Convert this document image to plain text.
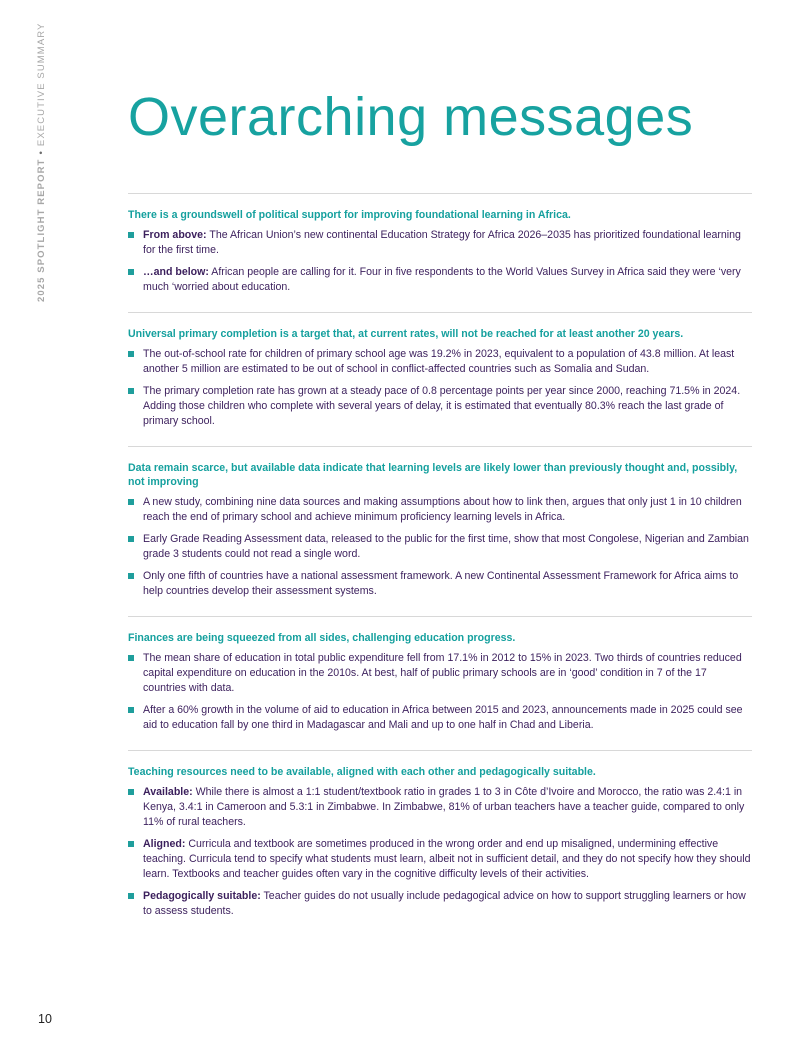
2025 SPOTLIGHT REPORT•EXECUTIVE SUMMARY Overarching messages

There is a groundswell of political support for improving foundational learning in Africa.

From above: The African Union’s new continental Education Strategy for Africa 2026–2035 has prioritized foundational learning for the first time.
…and below: African people are calling for it. Four in five respondents to the World Values Survey in Africa said they were ‘very much ‘worried about education.

Universal primary completion is a target that, at current rates, will not be reached for at least another 20 years.

The out-of-school rate for children of primary school age was 19.2% in 2023, equivalent to a population of 43.8 million. At least another 5 million are estimated to be out of school in conflict-affected countries such as Somalia and Sudan.
The primary completion rate has grown at a steady pace of 0.8 percentage points per year since 2000, reaching 71.5% in 2024. Adding those children who complete with several years of delay, it is estimated that eventually 80.3% reach the last grade of primary school.

Data remain scarce, but available data indicate that learning levels are likely lower than previously thought and, possibly, not improving

A new study, combining nine data sources and making assumptions about how to link then, argues that only just 1 in 10 children reach the end of primary school and achieve minimum proficiency learning levels in Africa.
Early Grade Reading Assessment data, released to the public for the first time, show that most Congolese, Nigerian and Zambian grade 3 students could not read a single word.
Only one fifth of countries have a national assessment framework. A new Continental Assessment Framework for Africa aims to help countries develop their assessment systems.

Finances are being squeezed from all sides, challenging education progress.

The mean share of education in total public expenditure fell from 17.1% in 2012 to 15% in 2023. Two thirds of countries reduced capital expenditure on education in the 2010s. At best, half of public primary schools are in ‘good’ condition in 7 of the 17 countries with data.
After a 60% growth in the volume of aid to education in Africa between 2015 and 2023, announcements made in 2025 could see aid to education fall by one third in Madagascar and Mali and up to one half in Chad and Liberia.

Teaching resources need to be available, aligned with each other and pedagogically suitable.

Available: While there is almost a 1:1 student/textbook ratio in grades 1 to 3 in Côte d’Ivoire and Morocco, the ratio was 2.4:1 in Kenya, 3.4:1 in Cameroon and 5.3:1 in Zimbabwe. In Zimbabwe, 81% of urban teachers have a teacher guide, compared to only 11% of rural teachers.
Aligned: Curricula and textbook are sometimes produced in the wrong order and end up misaligned, undermining effective teaching. Curricula tend to specify what students must learn, albeit not in sufficient detail, and they do not specify how they should learn. Textbooks and teacher guides often vary in the cognitive difficulty levels of their activities.
Pedagogically suitable: Teacher guides do not usually include pedagogical advice on how to support struggling learners or how to assess students.
10
